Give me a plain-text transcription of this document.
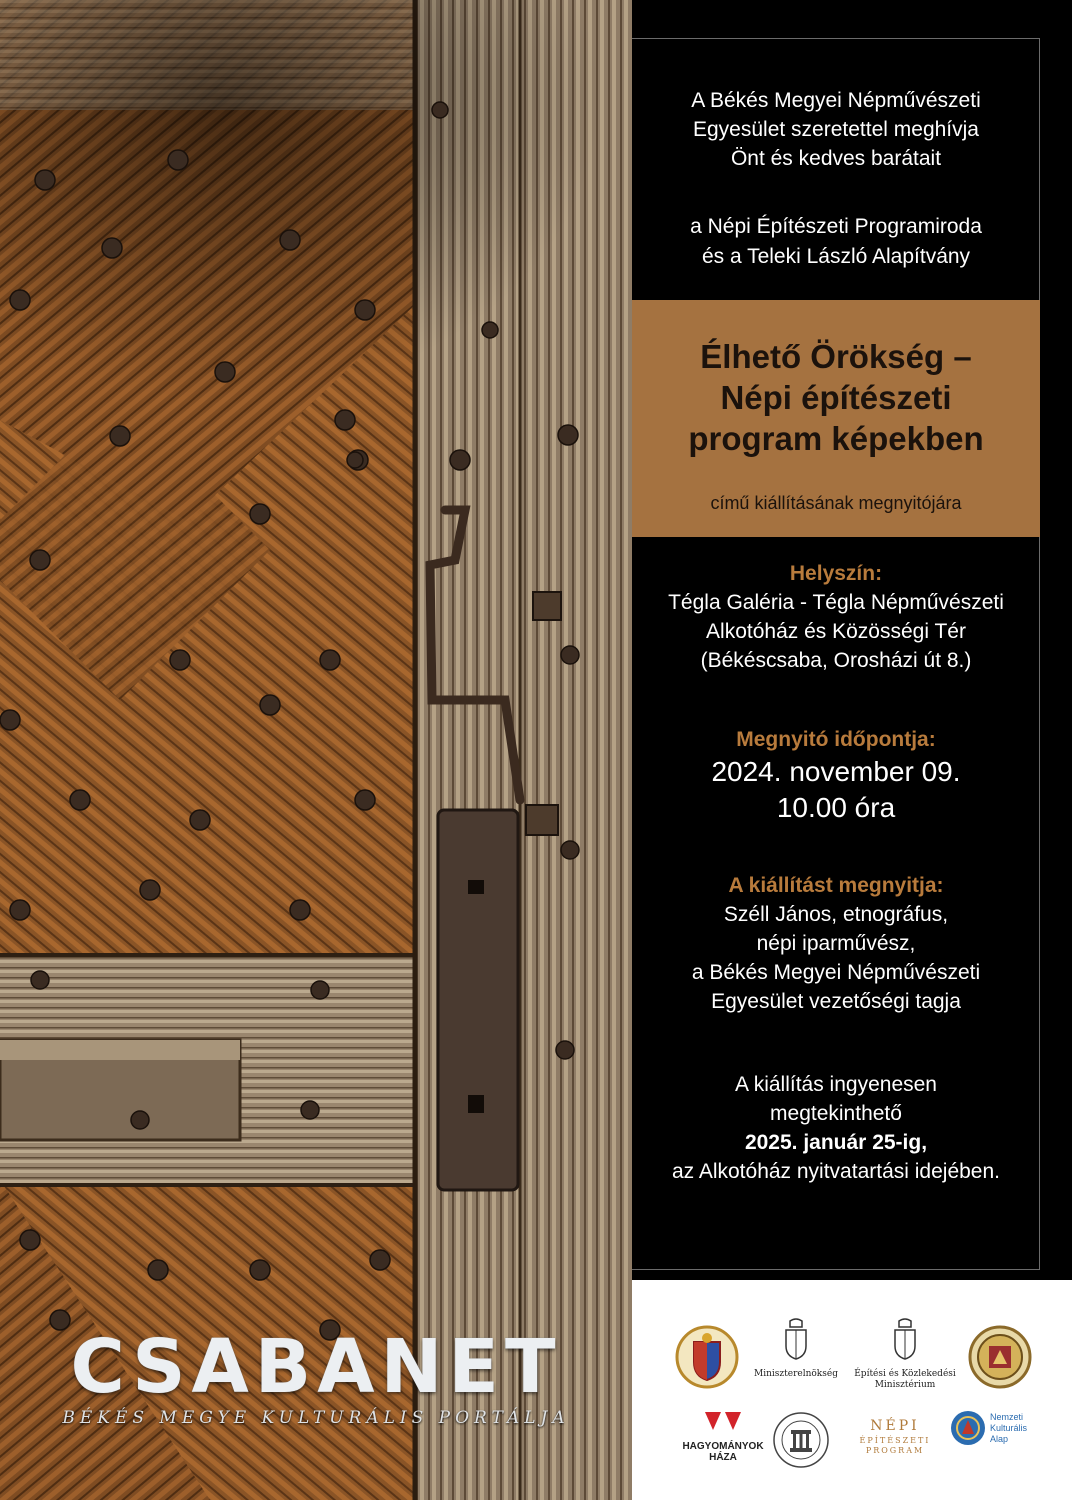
CSABANET
BÉKÉS MEGYE KULTURÁLIS PORTÁLJA
A Békés Megyei Népművészeti
Egyesület szeretettel meghívja
Önt és kedves barátait
a Népi Építészeti Programiroda
és a Teleki László Alapítvány
Élhető Örökség –
Népi építészeti
program képekben
című kiállításának megnyitójára
Helyszín:
Tégla Galéria - Tégla Népművészeti
Alkotóház és Közösségi Tér
(Békéscsaba, Orosházi út 8.)
Megnyitó időpontja:
2024. november 09.
10.00 óra
A kiállítást megnyitja:
Széll János, etnográfus,
népi iparművész,
a Békés Megyei Népművészeti
Egyesület vezetőségi tagja
A kiállítás ingyenesen
megtekinthető
2025. január 25-ig,
az Alkotóház nyitvatartási idejében.
Miniszterelnökség	Építési és Közlekedési
Minisztérium
HAGYOMÁNYOK
HÁZA
NÉPI
ÉPÍTÉSZETI
PROGRAM
Nemzeti
Kulturális
Alap
